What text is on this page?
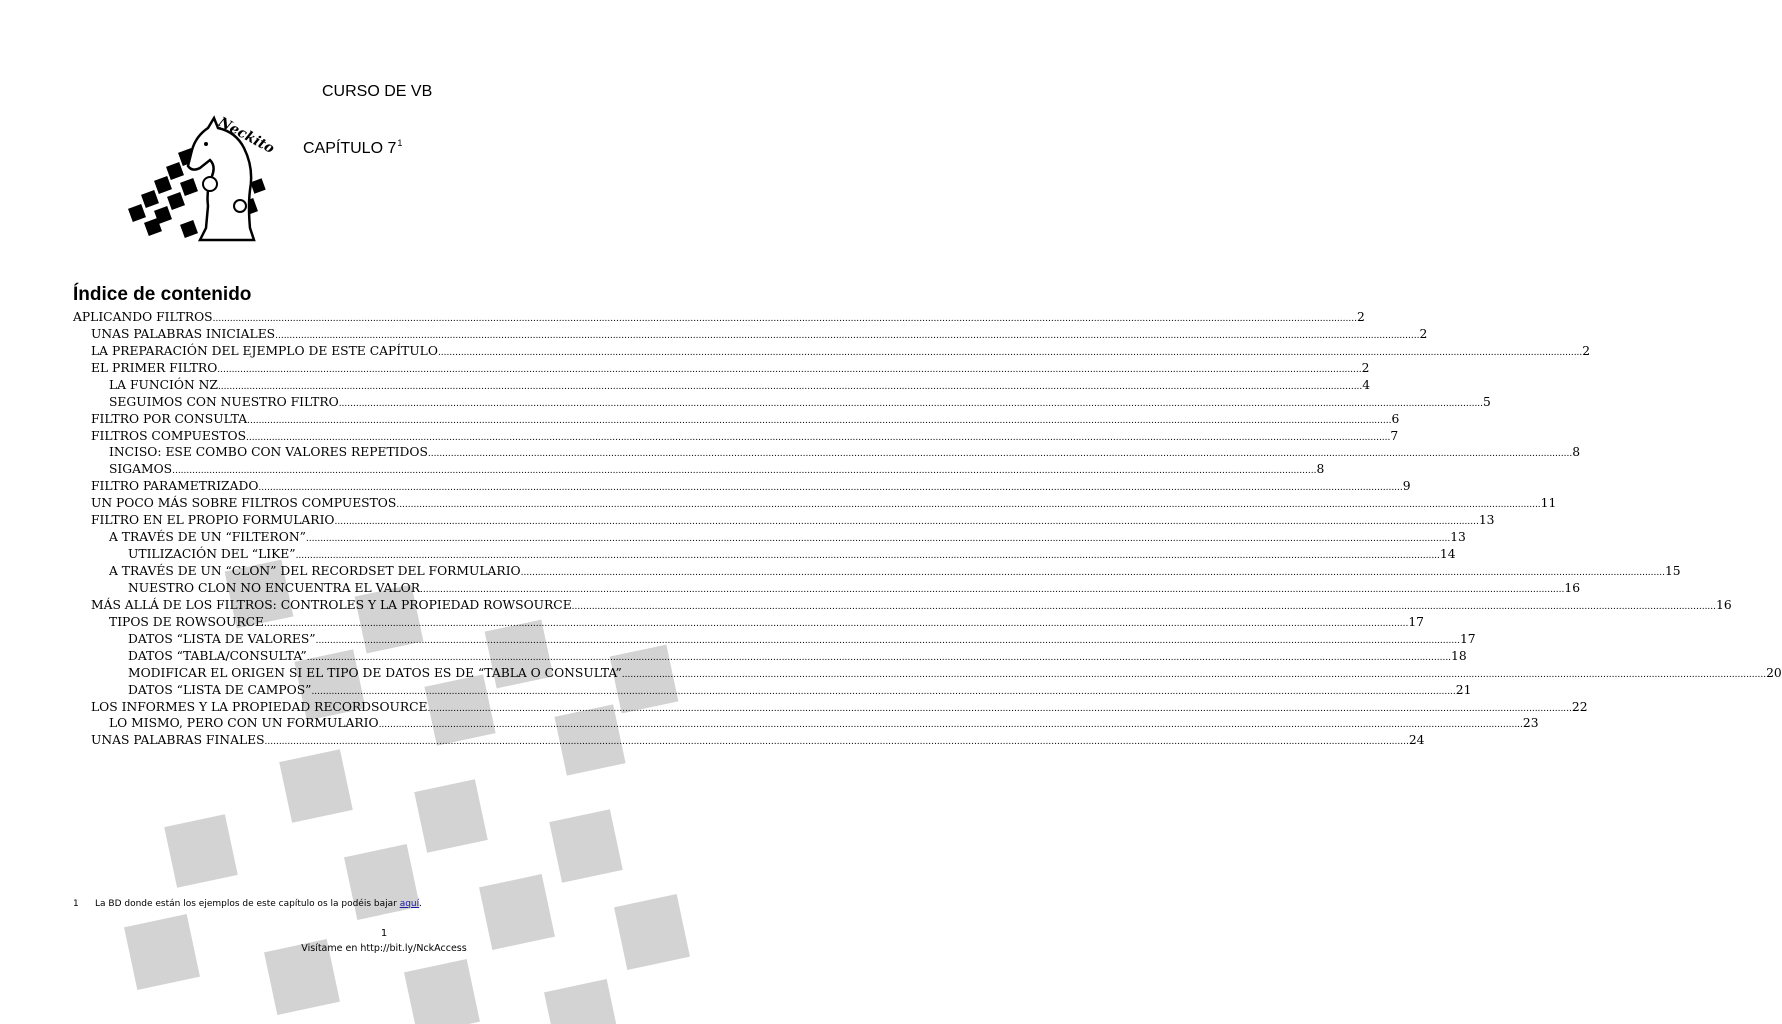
Neckito
CURSO DE VB
CAPÍTULO $7^1$
Índice de contenido
APLICANDO FILTROS ................................................................................................................................................................................................................................................................................................................................................................................................................ 2
UNAS PALABRAS INICIALES ................................................................................................................................................................................................................................................................................................................................................................................................................ 2
LA PREPARACIÓN DEL EJEMPLO DE ESTE CAPÍTULO ................................................................................................................................................................................................................................................................................................................................................................................................................ 2
EL PRIMER FILTRO ................................................................................................................................................................................................................................................................................................................................................................................................................ 2
LA FUNCIÓN NZ ................................................................................................................................................................................................................................................................................................................................................................................................................ 4
SEGUIMOS CON NUESTRO FILTRO ................................................................................................................................................................................................................................................................................................................................................................................................................ 5
FILTRO POR CONSULTA ................................................................................................................................................................................................................................................................................................................................................................................................................ 6
FILTROS COMPUESTOS ................................................................................................................................................................................................................................................................................................................................................................................................................ 7
INCISO: ESE COMBO CON VALORES REPETIDOS ................................................................................................................................................................................................................................................................................................................................................................................................................ 8
SIGAMOS ................................................................................................................................................................................................................................................................................................................................................................................................................ 8
FILTRO PARAMETRIZADO ................................................................................................................................................................................................................................................................................................................................................................................................................ 9
UN POCO MÁS SOBRE FILTROS COMPUESTOS ................................................................................................................................................................................................................................................................................................................................................................................................................ 11
FILTRO EN EL PROPIO FORMULARIO ................................................................................................................................................................................................................................................................................................................................................................................................................ 13
A TRAVÉS DE UN “FILTERON” ................................................................................................................................................................................................................................................................................................................................................................................................................ 13
UTILIZACIÓN DEL “LIKE” ................................................................................................................................................................................................................................................................................................................................................................................................................ 14
A TRAVÉS DE UN “CLON” DEL RECORDSET DEL FORMULARIO ................................................................................................................................................................................................................................................................................................................................................................................................................ 15
NUESTRO CLON NO ENCUENTRA EL VALOR ................................................................................................................................................................................................................................................................................................................................................................................................................ 16
MÁS ALLÁ DE LOS FILTROS: CONTROLES Y LA PROPIEDAD ROWSOURCE ................................................................................................................................................................................................................................................................................................................................................................................................................ 16
TIPOS DE ROWSOURCE ................................................................................................................................................................................................................................................................................................................................................................................................................ 17
DATOS “LISTA DE VALORES” ................................................................................................................................................................................................................................................................................................................................................................................................................ 17
DATOS “TABLA/CONSULTA” ................................................................................................................................................................................................................................................................................................................................................................................................................ 18
MODIFICAR EL ORIGEN SI EL TIPO DE DATOS ES DE “TABLA O CONSULTA” ................................................................................................................................................................................................................................................................................................................................................................................................................ 20
DATOS “LISTA DE CAMPOS” ................................................................................................................................................................................................................................................................................................................................................................................................................ 21
LOS INFORMES Y LA PROPIEDAD RECORDSOURCE ................................................................................................................................................................................................................................................................................................................................................................................................................ 22
LO MISMO, PERO CON UN FORMULARIO ................................................................................................................................................................................................................................................................................................................................................................................................................ 23
UNAS PALABRAS FINALES ................................................................................................................................................................................................................................................................................................................................................................................................................ 24
1 La BD donde están los ejemplos de este capítulo os la podéis bajar aquí.
1
Visítame en http://bit.ly/NckAccess
